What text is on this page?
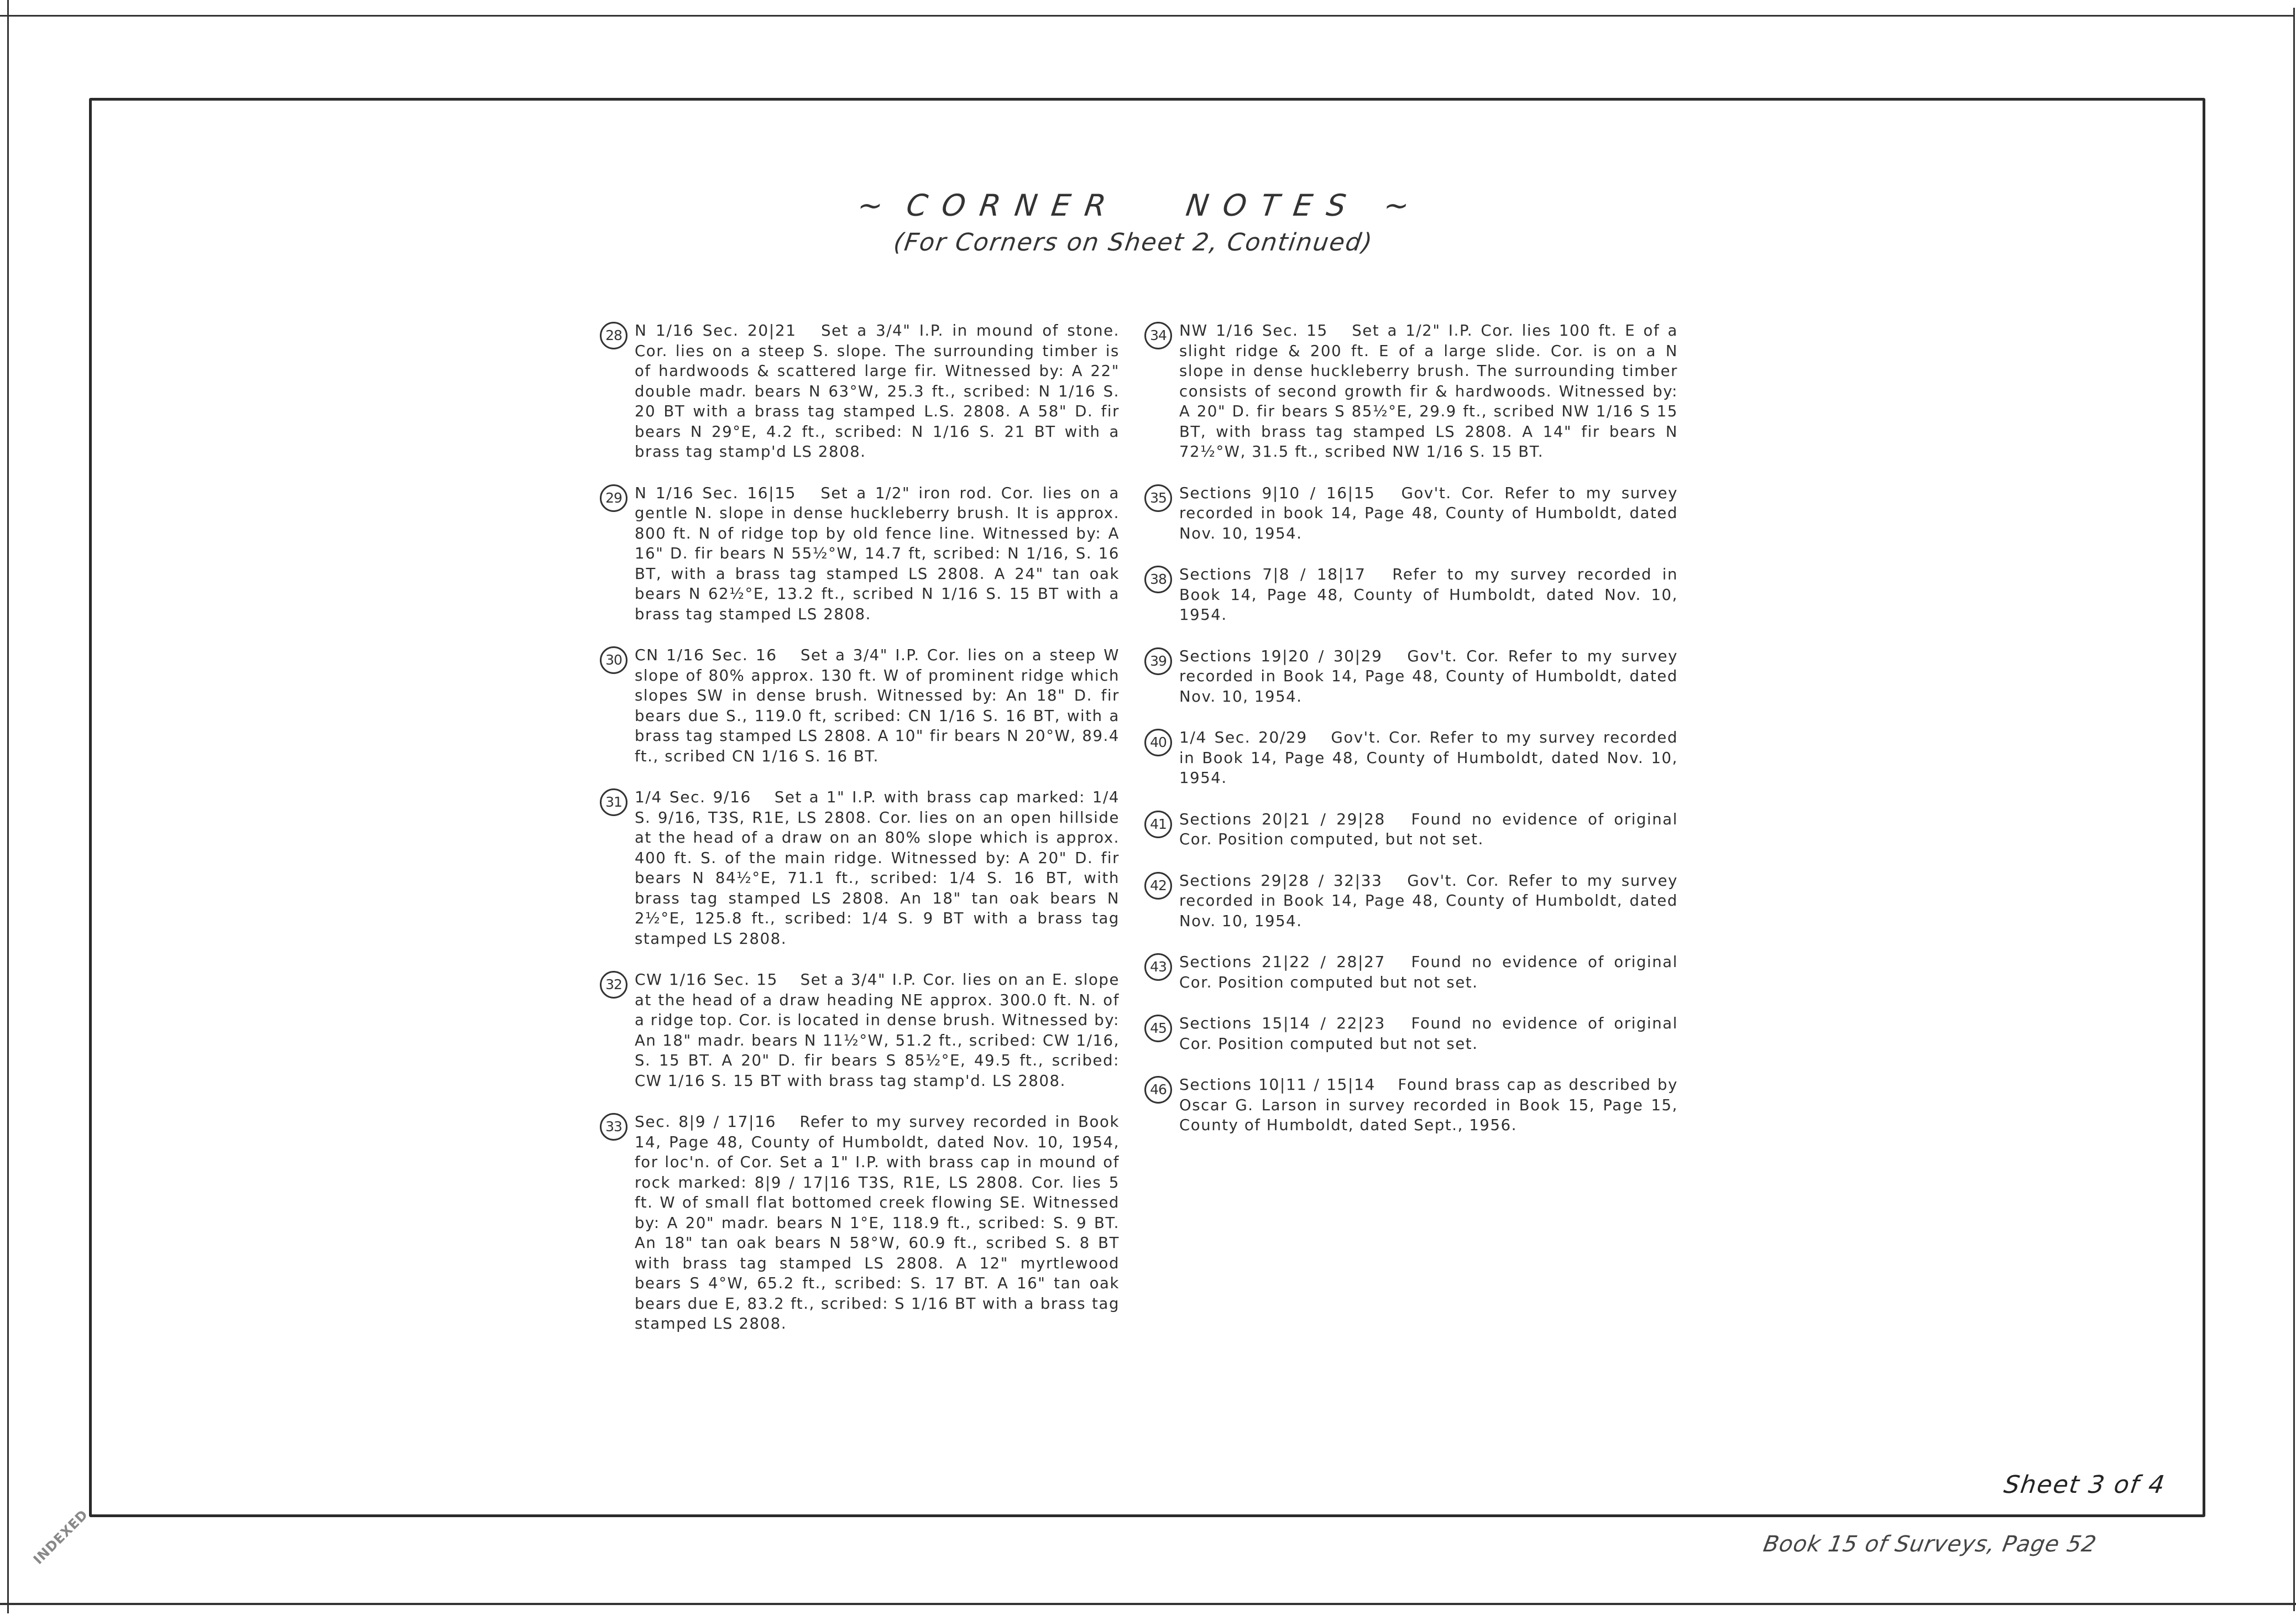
~ CORNER NOTES ~
(For Corners on Sheet 2, Continued)
28 N 1/16 Sec. 20|21  Set a 3/4" I.P. in mound of stone. Cor. lies on a steep S. slope. The surrounding timber is of hardwoods & scattered large fir. Witnessed by: A 22" double madr. bears N 63°W, 25.3 ft., scribed: N 1/16 S. 20 BT with a brass tag stamped L.S. 2808. A 58" D. fir bears N 29°E, 4.2 ft., scribed: N 1/16 S. 21 BT with a brass tag stamp'd LS 2808.
29 N 1/16 Sec. 16|15  Set a 1/2" iron rod. Cor. lies on a gentle N. slope in dense huckleberry brush. It is approx. 800 ft. N of ridge top by old fence line. Witnessed by: A 16" D. fir bears N 55½°W, 14.7 ft, scribed: N 1/16, S. 16 BT, with a brass tag stamped LS 2808. A 24" tan oak bears N 62½°E, 13.2 ft., scribed N 1/16 S. 15 BT with a brass tag stamped LS 2808.
30 CN 1/16 Sec. 16  Set a 3/4" I.P. Cor. lies on a steep W slope of 80% approx. 130 ft. W of prominent ridge which slopes SW in dense brush. Witnessed by: An 18" D. fir bears due S., 119.0 ft, scribed: CN 1/16 S. 16 BT, with a brass tag stamped LS 2808. A 10" fir bears N 20°W, 89.4 ft., scribed CN 1/16 S. 16 BT.
31 1/4 Sec. 9/16  Set a 1" I.P. with brass cap marked: 1/4 S. 9/16, T3S, R1E, LS 2808. Cor. lies on an open hillside at the head of a draw on an 80% slope which is approx. 400 ft. S. of the main ridge. Witnessed by: A 20" D. fir bears N 84½°E, 71.1 ft., scribed: 1/4 S. 16 BT, with brass tag stamped LS 2808. An 18" tan oak bears N 2½°E, 125.8 ft., scribed: 1/4 S. 9 BT with a brass tag stamped LS 2808.
32 CW 1/16 Sec. 15  Set a 3/4" I.P. Cor. lies on an E. slope at the head of a draw heading NE approx. 300.0 ft. N. of a ridge top. Cor. is located in dense brush. Witnessed by: An 18" madr. bears N 11½°W, 51.2 ft., scribed: CW 1/16, S. 15 BT. A 20" D. fir bears S 85½°E, 49.5 ft., scribed: CW 1/16 S. 15 BT with brass tag stamp'd. LS 2808.
33 Sec. 8|9 / 17|16  Refer to my survey recorded in Book 14, Page 48, County of Humboldt, dated Nov. 10, 1954, for loc'n. of Cor. Set a 1" I.P. with brass cap in mound of rock marked: 8|9 / 17|16 T3S, R1E, LS 2808. Cor. lies 5 ft. W of small flat bottomed creek flowing SE. Witnessed by: A 20" madr. bears N 1°E, 118.9 ft., scribed: S. 9 BT. An 18" tan oak bears N 58°W, 60.9 ft., scribed S. 8 BT with brass tag stamped LS 2808. A 12" myrtlewood bears S 4°W, 65.2 ft., scribed: S. 17 BT. A 16" tan oak bears due E, 83.2 ft., scribed: S 1/16 BT with a brass tag stamped LS 2808.
34 NW 1/16 Sec. 15  Set a 1/2" I.P. Cor. lies 100 ft. E of a slight ridge & 200 ft. E of a large slide. Cor. is on a N slope in dense huckleberry brush. The surrounding timber consists of second growth fir & hardwoods. Witnessed by: A 20" D. fir bears S 85½°E, 29.9 ft., scribed NW 1/16 S 15 BT, with brass tag stamped LS 2808. A 14" fir bears N 72½°W, 31.5 ft., scribed NW 1/16 S. 15 BT.
35 Sections 9|10 / 16|15  Gov't. Cor. Refer to my survey recorded in book 14, Page 48, County of Humboldt, dated Nov. 10, 1954.
38 Sections 7|8 / 18|17  Refer to my survey recorded in Book 14, Page 48, County of Humboldt, dated Nov. 10, 1954.
39 Sections 19|20 / 30|29  Gov't. Cor. Refer to my survey recorded in Book 14, Page 48, County of Humboldt, dated Nov. 10, 1954.
40 1/4 Sec. 20/29  Gov't. Cor. Refer to my survey recorded in Book 14, Page 48, County of Humboldt, dated Nov. 10, 1954.
41 Sections 20|21 / 29|28  Found no evidence of original Cor. Position computed, but not set.
42 Sections 29|28 / 32|33  Gov't. Cor. Refer to my survey recorded in Book 14, Page 48, County of Humboldt, dated Nov. 10, 1954.
43 Sections 21|22 / 28|27  Found no evidence of original Cor. Position computed but not set.
45 Sections 15|14 / 22|23  Found no evidence of original Cor. Position computed but not set.
46 Sections 10|11 / 15|14  Found brass cap as described by Oscar G. Larson in survey recorded in Book 15, Page 15, County of Humboldt, dated Sept., 1956.
Sheet 3 of 4
Book 15 of Surveys, Page 52
INDEXED
